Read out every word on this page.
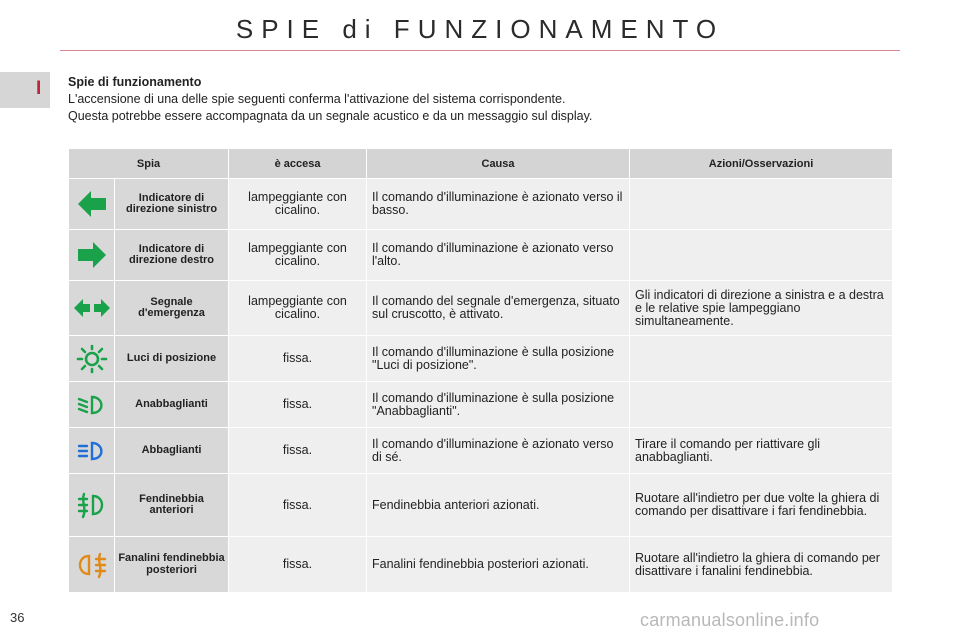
SPIE di FUNZIONAMENTO
I Spie di funzionamento
L'accensione di una delle spie seguenti conferma l'attivazione del sistema corrispondente.
Questa potrebbe essere accompagnata da un segnale acustico e da un messaggio sul display.
Spia		è accesa	Causa	Azioni/Osservazioni

	Indicatore di direzione sinistro	lampeggiante con cicalino.	Il comando d'illuminazione è azionato verso il basso.	

	Indicatore di direzione destro	lampeggiante con cicalino.	Il comando d'illuminazione è azionato verso l'alto.	

	Segnale d'emergenza	lampeggiante con cicalino.	Il comando del segnale d'emergenza, situato sul cruscotto, è attivato.	Gli indicatori di direzione a sinistra e a destra e le relative spie lampeggiano simultaneamente.

	Luci di posizione	fissa.	Il comando d'illuminazione è sulla posizione "Luci di posizione".	

	Anabbaglianti	fissa.	Il comando d'illuminazione è sulla posizione "Anabbaglianti".	

	Abbaglianti	fissa.	Il comando d'illuminazione è azionato verso di sé.	Tirare il comando per riattivare gli anabbaglianti.

	Fendinebbia anteriori	fissa.	Fendinebbia anteriori azionati.	Ruotare all'indietro per due volte la ghiera di comando per disattivare i fari fendinebbia.

	Fanalini fendinebbia posteriori	fissa.	Fanalini fendinebbia posteriori azionati.	Ruotare all'indietro la ghiera di comando per disattivare i fanalini fendinebbia.
36	carmanualsonline.info
